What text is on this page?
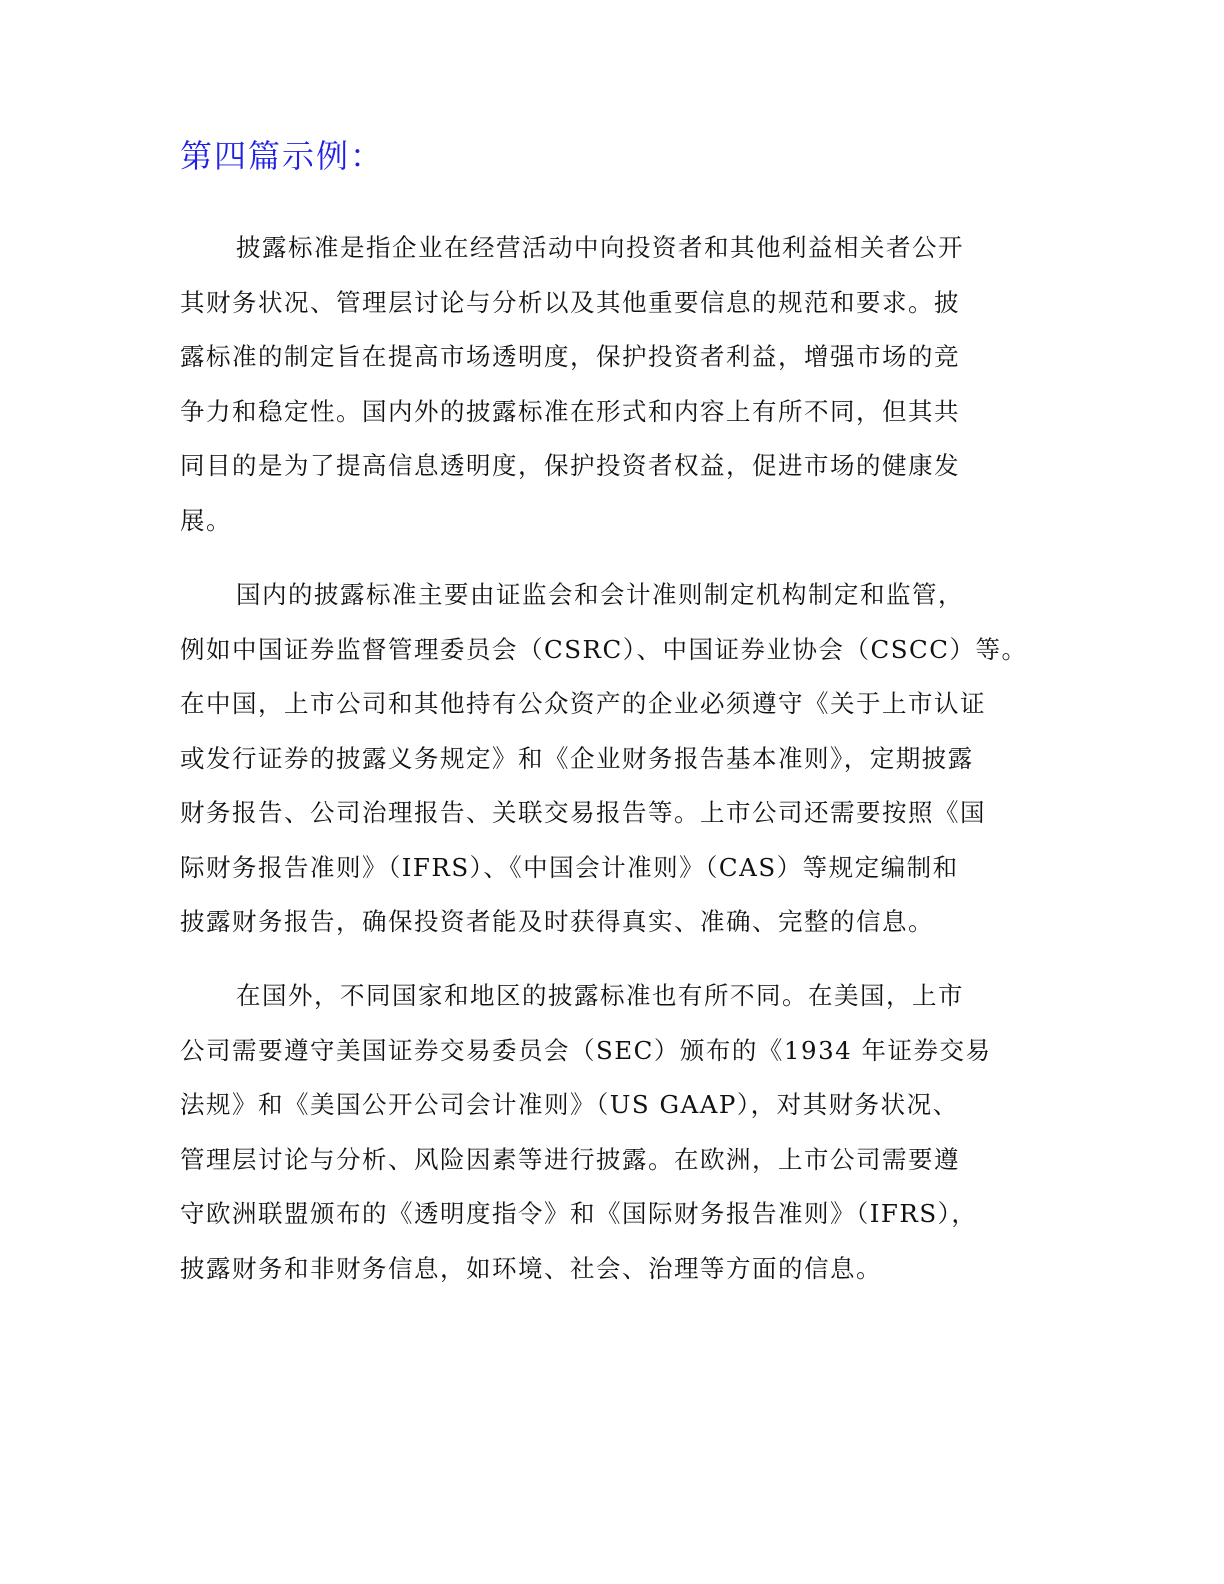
第四篇示例：

披露标准是指企业在经营活动中向投资者和其他利益相关者公开
其财务状况、管理层讨论与分析以及其他重要信息的规范和要求。披
露标准的制定旨在提高市场透明度，保护投资者利益，增强市场的竞
争力和稳定性。国内外的披露标准在形式和内容上有所不同，但其共
同目的是为了提高信息透明度，保护投资者权益，促进市场的健康发
展。

国内的披露标准主要由证监会和会计准则制定机构制定和监管，
例如中国证券监督管理委员会（CSRC）、中国证券业协会（CSCC）等。
在中国，上市公司和其他持有公众资产的企业必须遵守《关于上市认证
或发行证券的披露义务规定》和《企业财务报告基本准则》，定期披露
财务报告、公司治理报告、关联交易报告等。上市公司还需要按照《国
际财务报告准则》（IFRS）、《中国会计准则》（CAS）等规定编制和
披露财务报告，确保投资者能及时获得真实、准确、完整的信息。

在国外，不同国家和地区的披露标准也有所不同。在美国，上市
公司需要遵守美国证券交易委员会（SEC）颁布的《1934 年证券交易
法规》和《美国公开公司会计准则》（US GAAP），对其财务状况、
管理层讨论与分析、风险因素等进行披露。在欧洲，上市公司需要遵
守欧洲联盟颁布的《透明度指令》和《国际财务报告准则》（IFRS），
披露财务和非财务信息，如环境、社会、治理等方面的信息。
